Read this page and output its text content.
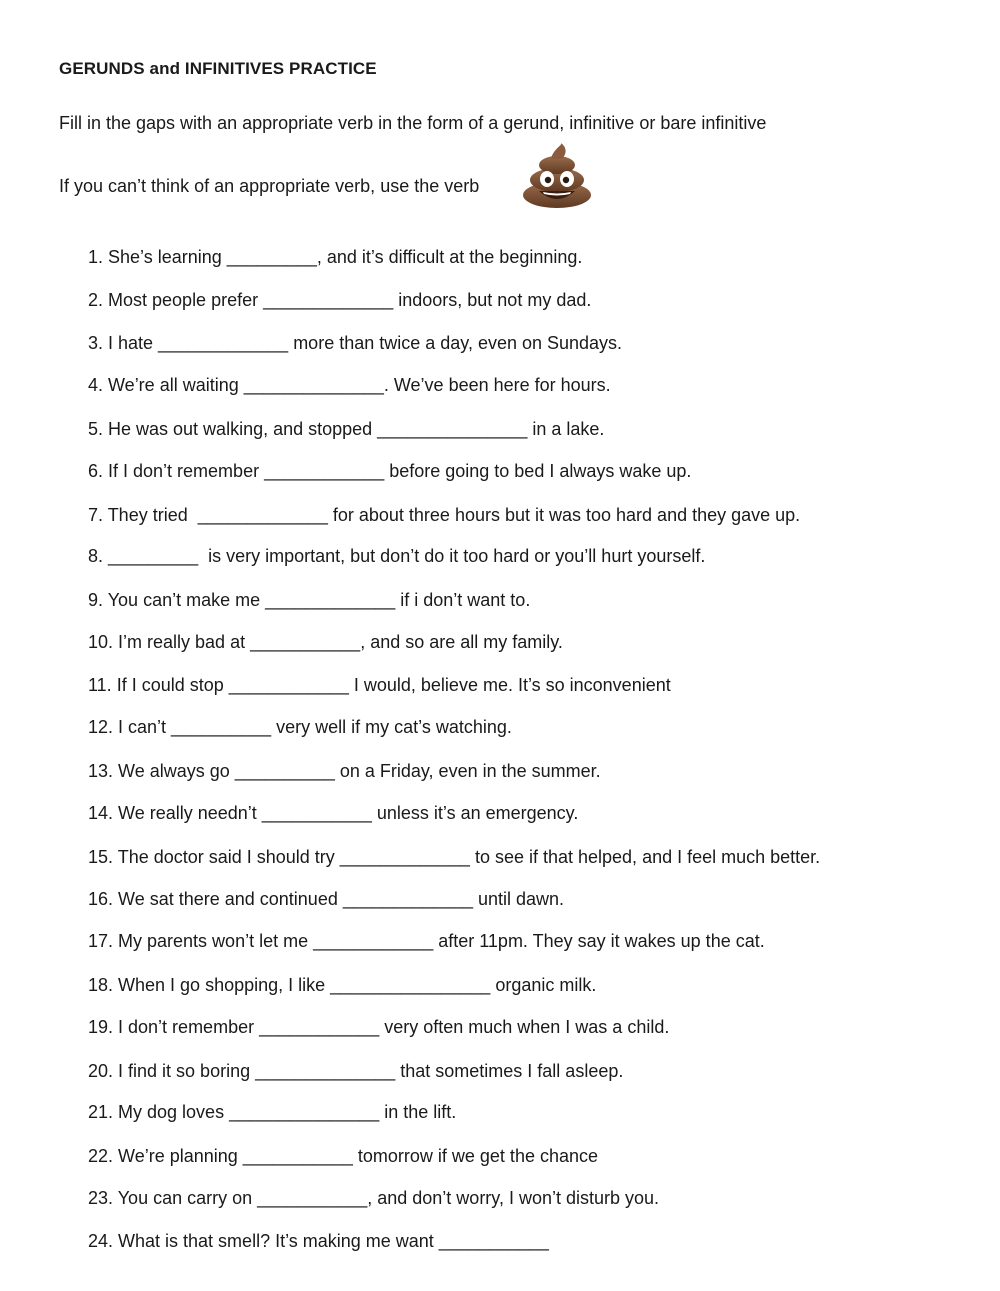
GERUNDS and INFINITIVES PRACTICE
Fill in the gaps with an appropriate verb in the form of a gerund, infinitive or bare infinitive
If you can’t think of an appropriate verb, use the verb
1. She’s learning _________, and it’s difficult at the beginning.
2. Most people prefer _____________ indoors, but not my dad.
3. I hate _____________ more than twice a day, even on Sundays.
4. We’re all waiting ______________. We’ve been here for hours.
5. He was out walking, and stopped _______________ in a lake.
6. If I don’t remember ____________ before going to bed I always wake up.
7. They tried  _____________ for about three hours but it was too hard and they gave up.
8. _________  is very important, but don’t do it too hard or you’ll hurt yourself.
9. You can’t make me _____________ if i don’t want to.
10. I’m really bad at ___________, and so are all my family.
11. If I could stop ____________ I would, believe me. It’s so inconvenient
12. I can’t __________ very well if my cat’s watching.
13. We always go __________ on a Friday, even in the summer.
14. We really needn’t ___________ unless it’s an emergency.
15. The doctor said I should try _____________ to see if that helped, and I feel much better.
16. We sat there and continued _____________ until dawn.
17. My parents won’t let me ____________ after 11pm. They say it wakes up the cat.
18. When I go shopping, I like ________________ organic milk.
19. I don’t remember ____________ very often much when I was a child.
20. I find it so boring ______________ that sometimes I fall asleep.
21. My dog loves _______________ in the lift.
22. We’re planning ___________ tomorrow if we get the chance
23. You can carry on ___________, and don’t worry, I won’t disturb you.
24. What is that smell? It’s making me want ___________
